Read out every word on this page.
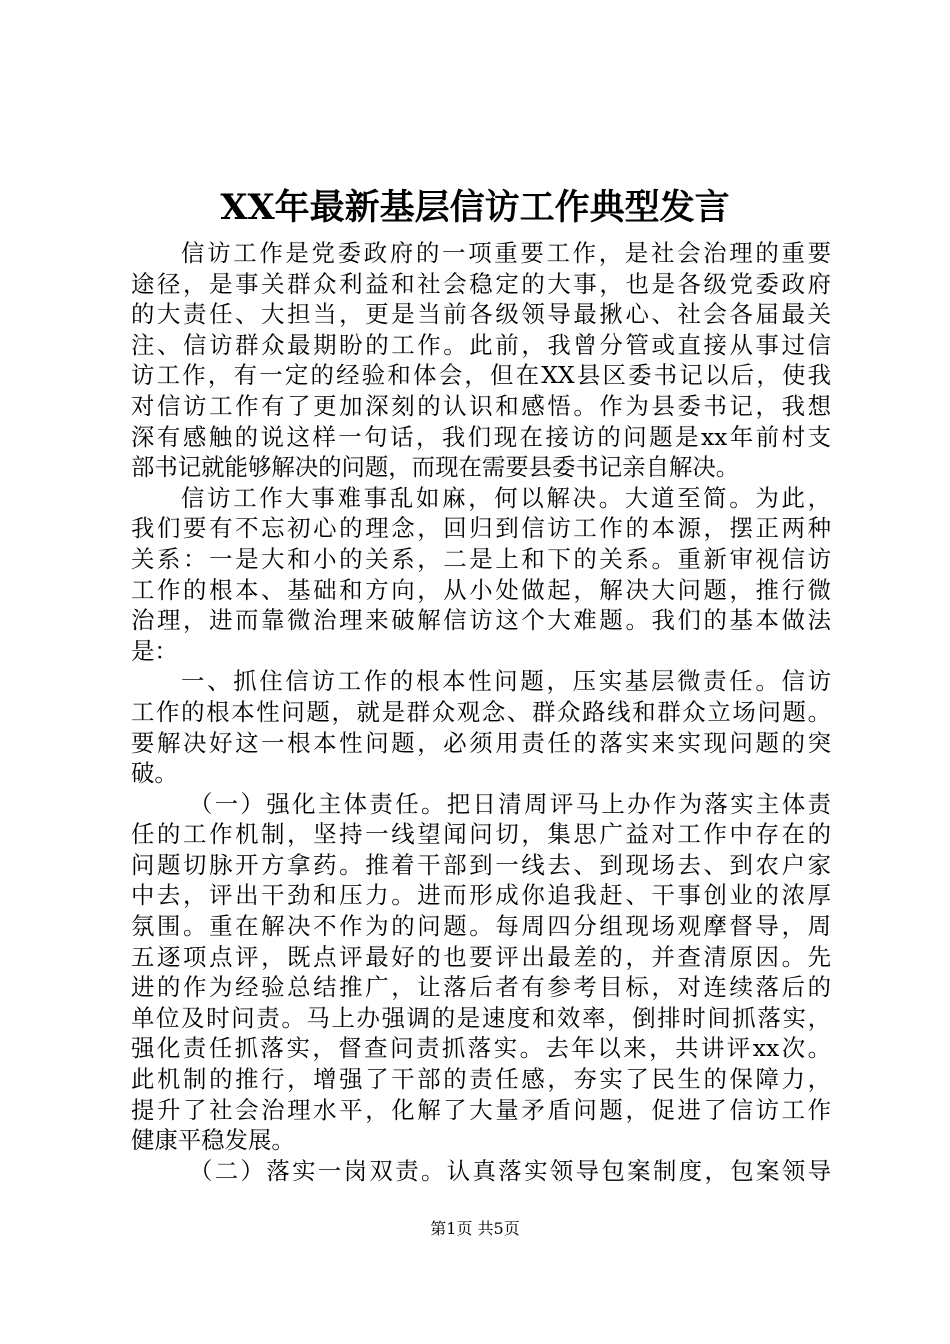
XX年最新基层信访工作典型发言
信访工作是党委政府的一项重要工作，是社会治理的重要
途径，是事关群众利益和社会稳定的大事，也是各级党委政府
的大责任、大担当，更是当前各级领导最揪心、社会各届最关
注、信访群众最期盼的工作。此前，我曾分管或直接从事过信
访工作，有一定的经验和体会，但在XX县区委书记以后，使我
对信访工作有了更加深刻的认识和感悟。作为县委书记，我想
深有感触的说这样一句话，我们现在接访的问题是xx年前村支
部书记就能够解决的问题，而现在需要县委书记亲自解决。
信访工作大事难事乱如麻，何以解决。大道至简。为此，
我们要有不忘初心的理念，回归到信访工作的本源，摆正两种
关系：一是大和小的关系，二是上和下的关系。重新审视信访
工作的根本、基础和方向，从小处做起，解决大问题，推行微
治理，进而靠微治理来破解信访这个大难题。我们的基本做法
是：
一、抓住信访工作的根本性问题，压实基层微责任。信访
工作的根本性问题，就是群众观念、群众路线和群众立场问题。
要解决好这一根本性问题，必须用责任的落实来实现问题的突
破。
（一）强化主体责任。把日清周评马上办作为落实主体责
任的工作机制，坚持一线望闻问切，集思广益对工作中存在的
问题切脉开方拿药。推着干部到一线去、到现场去、到农户家
中去，评出干劲和压力。进而形成你追我赶、干事创业的浓厚
氛围。重在解决不作为的问题。每周四分组现场观摩督导，周
五逐项点评，既点评最好的也要评出最差的，并查清原因。先
进的作为经验总结推广，让落后者有参考目标，对连续落后的
单位及时问责。马上办强调的是速度和效率，倒排时间抓落实，
强化责任抓落实，督查问责抓落实。去年以来，共讲评xx次。
此机制的推行，增强了干部的责任感，夯实了民生的保障力，
提升了社会治理水平，化解了大量矛盾问题，促进了信访工作
健康平稳发展。
（二）落实一岗双责。认真落实领导包案制度，包案领导
第1页 共5页
